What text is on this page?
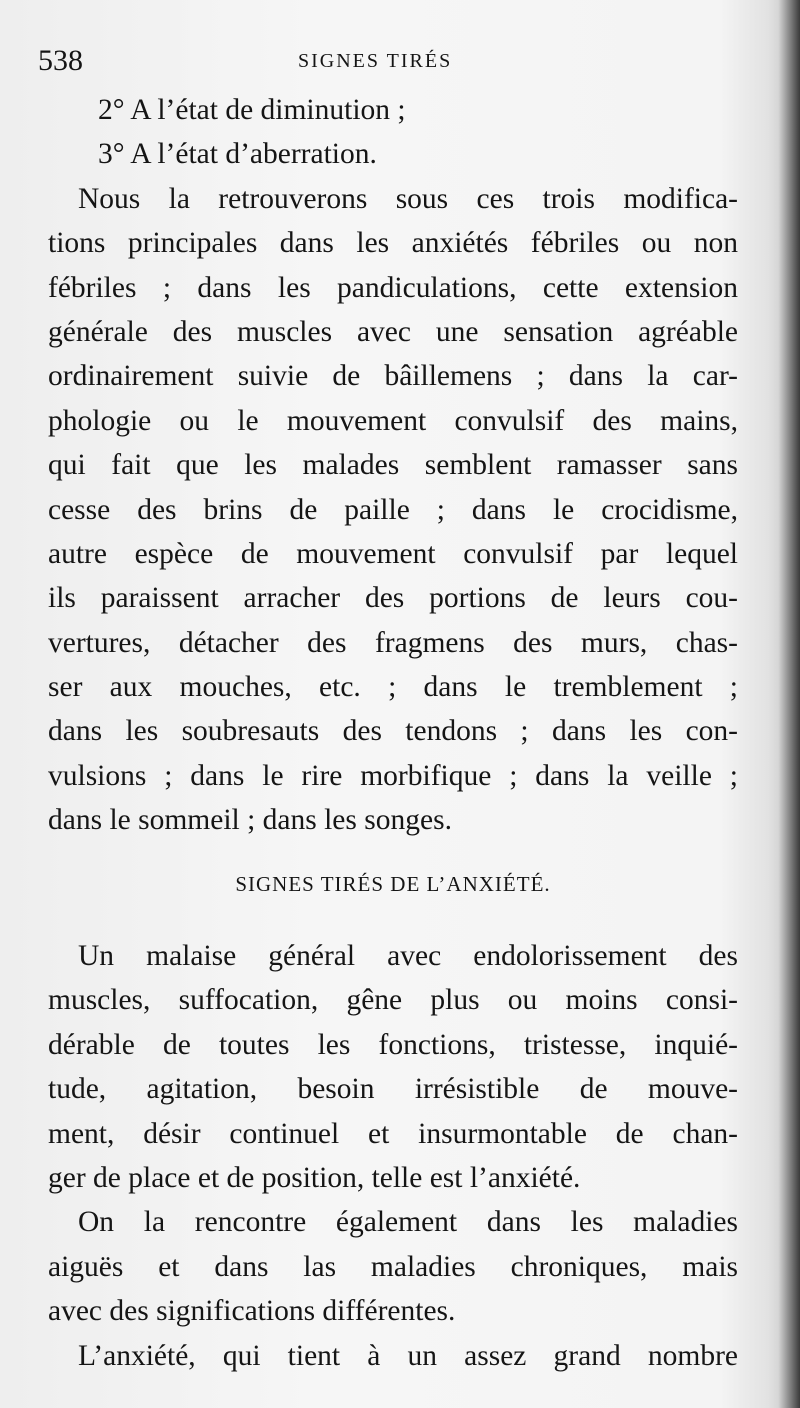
538	SIGNES TIRÉS
2° A l’état de diminution ;
3° A l’état d’aberration.
Nous la retrouverons sous ces trois modifica-
tions principales dans les anxiétés fébriles ou non
fébriles ; dans les pandiculations, cette extension
générale des muscles avec une sensation agréable
ordinairement suivie de bâillemens ; dans la car-
phologie ou le mouvement convulsif des mains,
qui fait que les malades semblent ramasser sans
cesse des brins de paille ; dans le crocidisme,
autre espèce de mouvement convulsif par lequel
ils paraissent arracher des portions de leurs cou-
vertures, détacher des fragmens des murs, chas-
ser aux mouches, etc. ; dans le tremblement ;
dans les soubresauts des tendons ; dans les con-
vulsions ; dans le rire morbifique ; dans la veille ;
dans le sommeil ; dans les songes.
SIGNES TIRÉS DE L’ANXIÉTÉ.
Un malaise général avec endolorissement des
muscles, suffocation, gêne plus ou moins consi-
dérable de toutes les fonctions, tristesse, inquié-
tude, agitation, besoin irrésistible de mouve-
ment, désir continuel et insurmontable de chan-
ger de place et de position, telle est l’anxiété.
On la rencontre également dans les maladies
aiguës et dans las maladies chroniques, mais
avec des significations différentes.
L’anxiété, qui tient à un assez grand nombre
